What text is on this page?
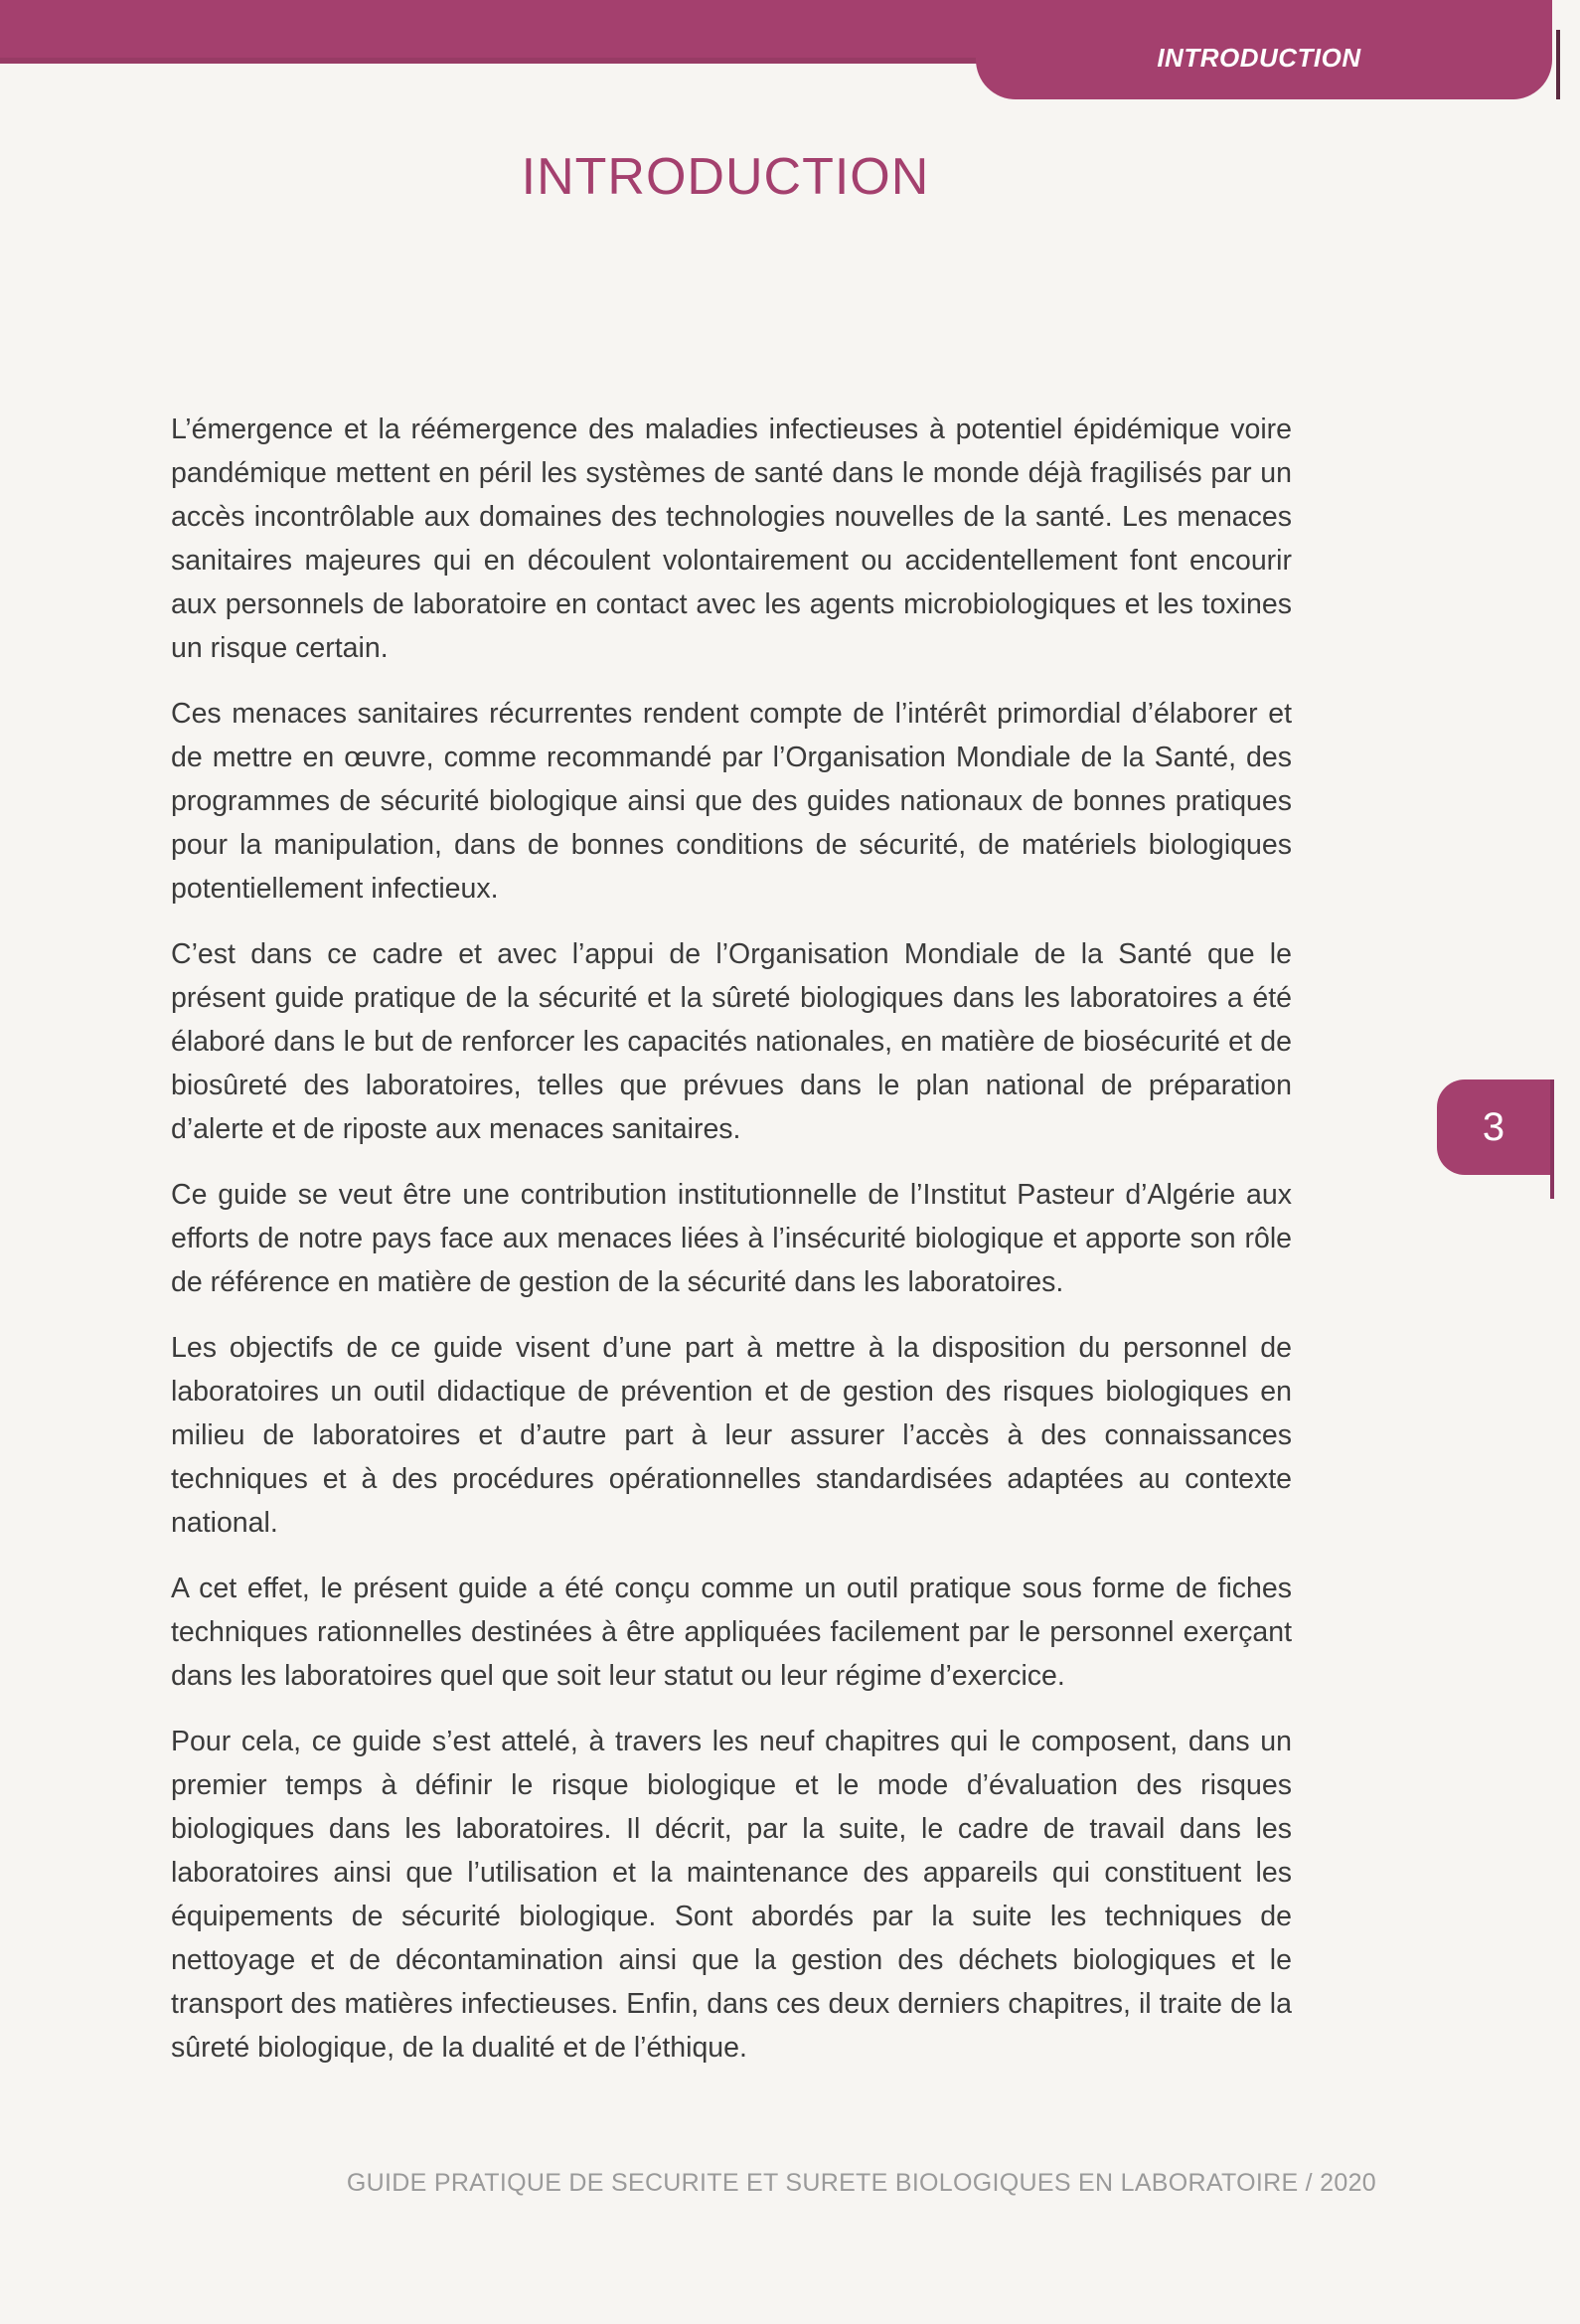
INTRODUCTION
INTRODUCTION

L’émergence et la réémergence des maladies infectieuses à potentiel épidémique voire pandémique mettent en péril les systèmes de santé dans le monde déjà fragilisés par un accès incontrôlable aux domaines des technologies nouvelles de la santé. Les menaces sanitaires majeures qui en découlent volontairement ou accidentellement font encourir aux personnels de laboratoire en contact avec les agents microbiologiques et les toxines un risque certain.

Ces menaces sanitaires récurrentes rendent compte de l’intérêt primordial d’élaborer et de mettre en œuvre, comme recommandé par l’Organisation Mondiale de la Santé, des programmes de sécurité biologique ainsi que des guides nationaux de bonnes pratiques pour la manipulation, dans de bonnes conditions de sécurité, de matériels biologiques potentiellement infectieux.

C’est dans ce cadre et avec l’appui de l’Organisation Mondiale de la Santé que le présent guide pratique de la sécurité et la sûreté biologiques dans les laboratoires a été élaboré dans le but de renforcer les capacités nationales, en matière de biosécurité et de biosûreté des laboratoires, telles que prévues dans le plan national de préparation d’alerte et de riposte aux menaces sanitaires.

Ce guide se veut être une contribution institutionnelle de l’Institut Pasteur d’Algérie aux efforts de notre pays face aux menaces liées à l’insécurité biologique et apporte son rôle de référence en matière de gestion de la sécurité dans les laboratoires.

Les objectifs de ce guide visent d’une part à mettre à la disposition du personnel de laboratoires un outil didactique de prévention et de gestion des risques biologiques en milieu de laboratoires et d’autre part à leur assurer l’accès à des connaissances techniques et à des procédures opérationnelles standardisées adaptées au contexte national.

A cet effet, le présent guide a été conçu comme un outil pratique sous forme de fiches techniques rationnelles destinées à être appliquées facilement par le personnel exerçant dans les laboratoires quel que soit leur statut ou leur régime d’exercice.

Pour cela, ce guide s’est attelé, à travers les neuf chapitres qui le composent, dans un premier temps à définir le risque biologique et le mode d’évaluation des risques biologiques dans les laboratoires. Il décrit, par la suite, le cadre de travail dans les laboratoires ainsi que l’utilisation et la maintenance des appareils qui constituent les équipements de sécurité biologique. Sont abordés par la suite les techniques de nettoyage et de décontamination ainsi que la gestion des déchets biologiques et le transport des matières infectieuses. Enfin, dans ces deux derniers chapitres, il traite de la sûreté biologique, de la dualité et de l’éthique.

3
GUIDE PRATIQUE DE SECURITE ET SURETE BIOLOGIQUES EN LABORATOIRE / 2020
